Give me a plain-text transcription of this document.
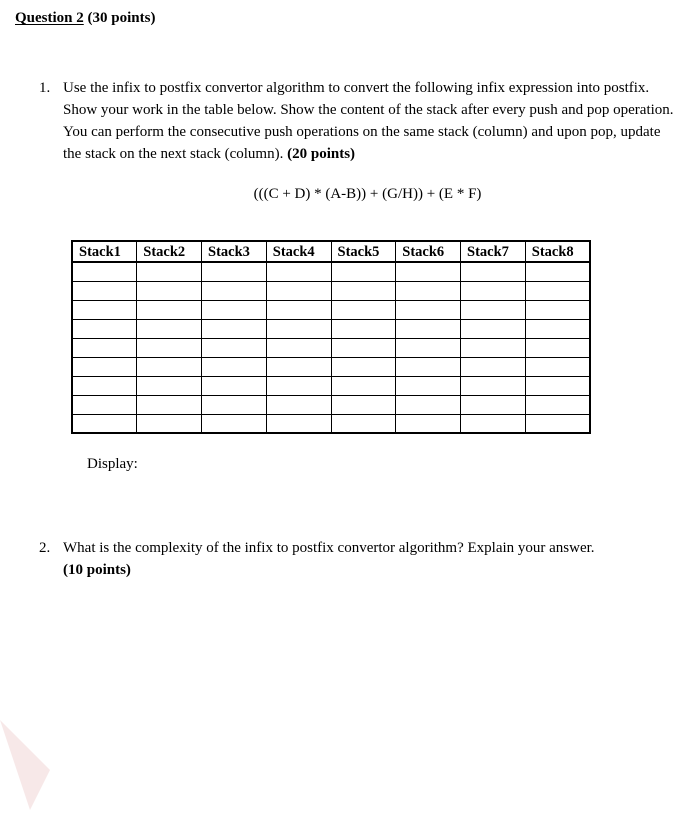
Question 2 (30 points)
1. Use the infix to postfix convertor algorithm to convert the following infix expression into postfix. Show your work in the table below. Show the content of the stack after every push and pop operation. You can perform the consecutive push operations on the same stack (column) and upon pop, update the stack on the next stack (column). (20 points)
(((C + D) * (A-B)) + (G/H)) + (E * F)
Stack1	Stack2	Stack3	Stack4	Stack5	Stack6	Stack7	Stack8

Display:
2. What is the complexity of the infix to postfix convertor algorithm? Explain your answer.
(10 points)
